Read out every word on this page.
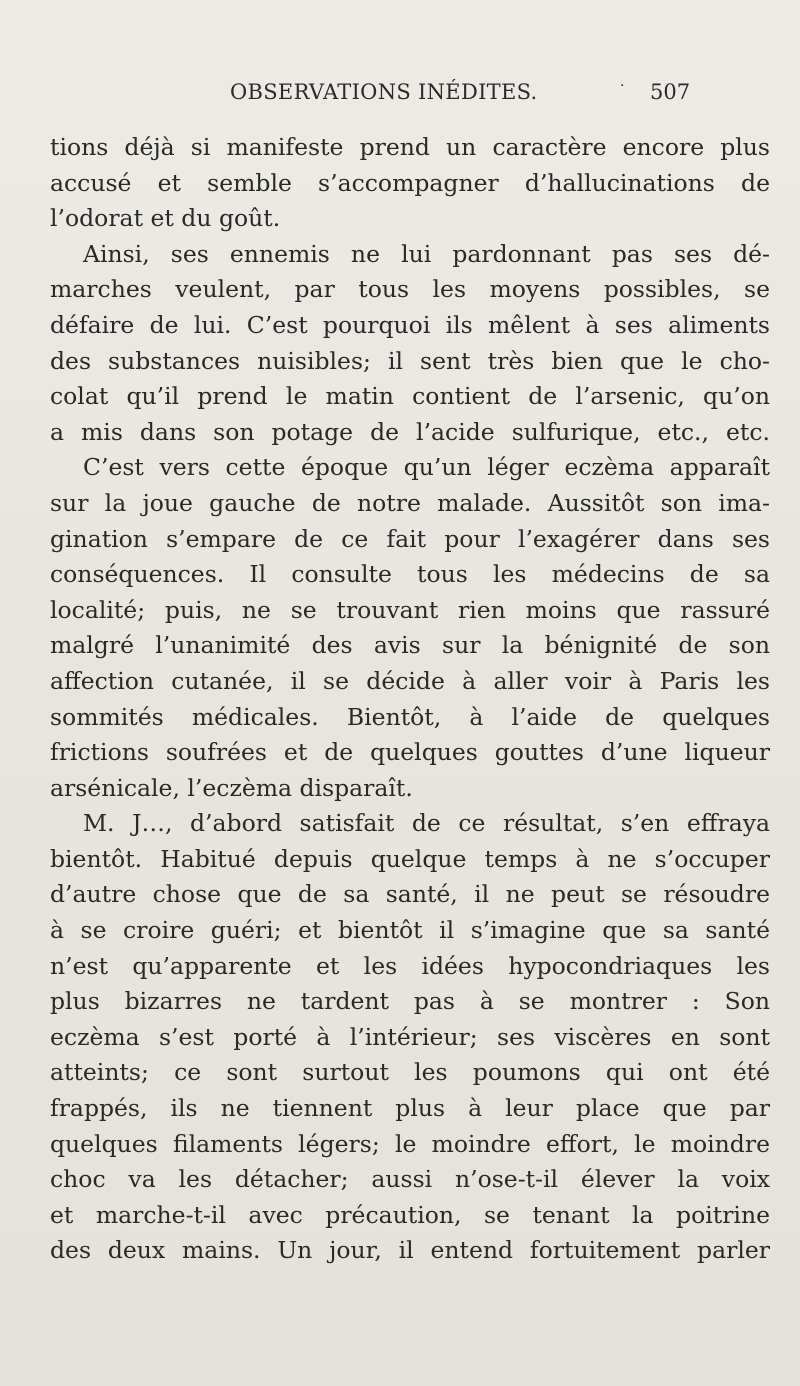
OBSERVATIONS INÉDITES.	· 507
tions déjà si manifeste prend un caractère encore plus
accusé et semble s’accompagner d’hallucinations de
l’odorat et du goût.
Ainsi, ses ennemis ne lui pardonnant pas ses dé-
marches veulent, par tous les moyens possibles, se
défaire de lui. C’est pourquoi ils mêlent à ses aliments
des substances nuisibles; il sent très bien que le cho-
colat qu’il prend le matin contient de l’arsenic, qu’on
a mis dans son potage de l’acide sulfurique, etc., etc.
C’est vers cette époque qu’un léger eczèma apparaît
sur la joue gauche de notre malade. Aussitôt son ima-
gination s’empare de ce fait pour l’exagérer dans ses
conséquences. Il consulte tous les médecins de sa
localité; puis, ne se trouvant rien moins que rassuré
malgré l’unanimité des avis sur la bénignité de son
affection cutanée, il se décide à aller voir à Paris les
sommités médicales. Bientôt, à l’aide de quelques
frictions soufrées et de quelques gouttes d’une liqueur
arsénicale, l’eczèma disparaît.
M. J…, d’abord satisfait de ce résultat, s’en effraya
bientôt. Habitué depuis quelque temps à ne s’occuper
d’autre chose que de sa santé, il ne peut se résoudre
à se croire guéri; et bientôt il s’imagine que sa santé
n’est qu’apparente et les idées hypocondriaques les
plus bizarres ne tardent pas à se montrer : Son
eczèma s’est porté à l’intérieur; ses viscères en sont
atteints; ce sont surtout les poumons qui ont été
frappés, ils ne tiennent plus à leur place que par
quelques filaments légers; le moindre effort, le moindre
choc va les détacher; aussi n’ose-t-il élever la voix
et marche-t-il avec précaution, se tenant la poitrine
des deux mains. Un jour, il entend fortuitement parler
